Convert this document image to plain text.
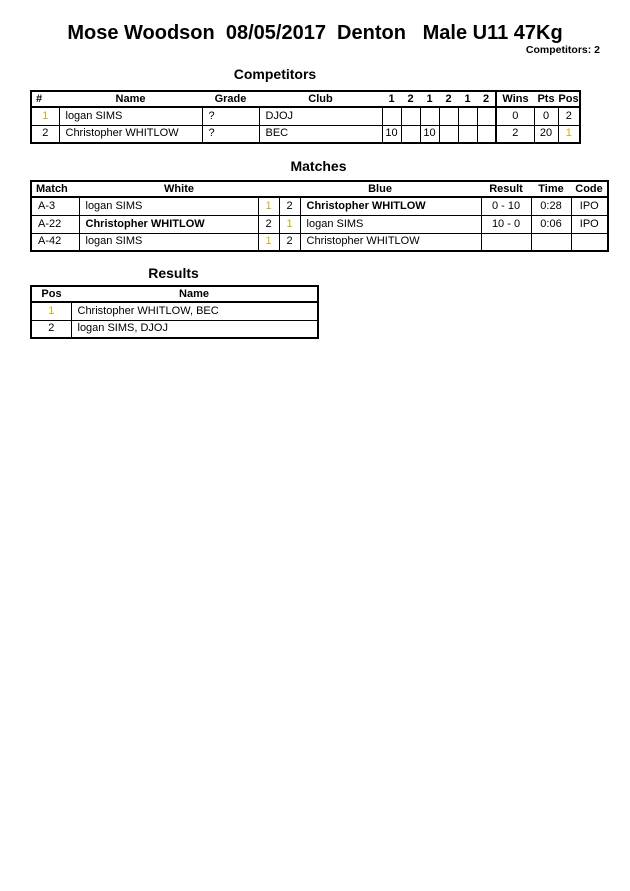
Mose Woodson  08/05/2017  Denton   Male U11 47Kg
Competitors: 2
Competitors
#	Name	Grade	Club	1	2	1	2	1	2	Wins	Pts	Pos
1	logan SIMS	?	DJOJ							0	0	2
2	Christopher WHITLOW	?	BEC	10		10				2	20	1
Matches
Match	White		Blue		Result	Time	Code
A-3	logan SIMS	1	2	Christopher WHITLOW	0 - 10	0:28	IPO
A-22	Christopher WHITLOW	2	1	logan SIMS	10 - 0	0:06	IPO
A-42	logan SIMS	1	2	Christopher WHITLOW			
Results
Pos	Name
1	Christopher WHITLOW, BEC
2	logan SIMS, DJOJ
